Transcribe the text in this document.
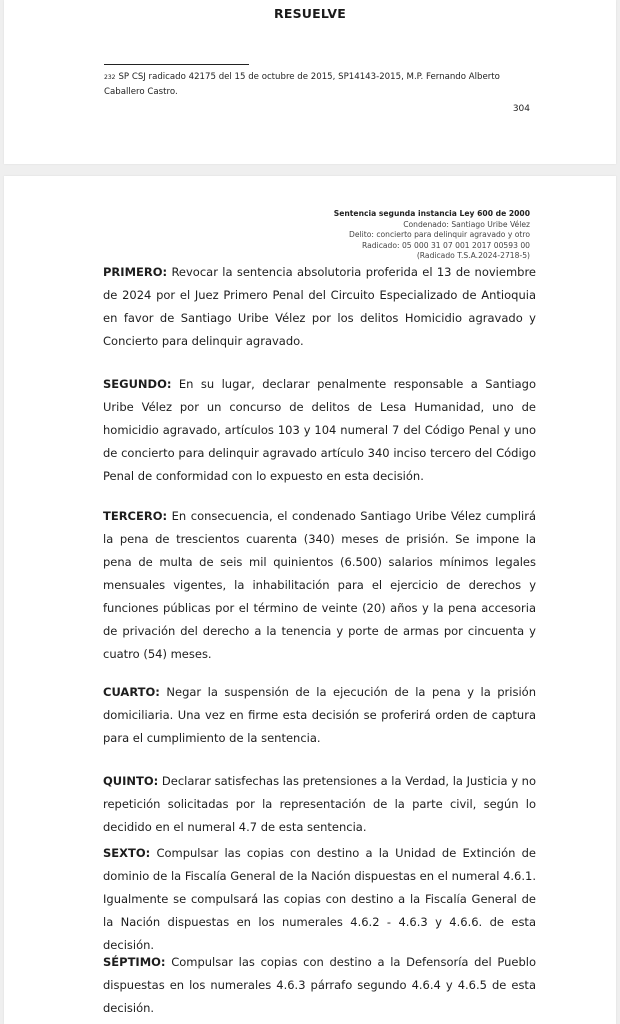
RESUELVE
$^{232}$ SP CSJ radicado 42175 del 15 de octubre de 2015, SP14143-2015, M.P. Fernando Alberto Caballero Castro.
304
Sentencia segunda instancia Ley 600 de 2000
Condenado: Santiago Uribe Vélez
Delito: concierto para delinquir agravado y otro
Radicado: 05 000 31 07 001 2017 00593 00
(Radicado T.S.A.2024-2718-5)

PRIMERO: Revocar la sentencia absolutoria proferida el 13 de noviembre de 2024 por el Juez Primero Penal del Circuito Especializado de Antioquia en favor de Santiago Uribe Vélez por los delitos Homicidio agravado y Concierto para delinquir agravado.

SEGUNDO: En su lugar, declarar penalmente responsable a Santiago Uribe Vélez por un concurso de delitos de Lesa Humanidad, uno de homicidio agravado, artículos 103 y 104 numeral 7 del Código Penal y uno de concierto para delinquir agravado artículo 340 inciso tercero del Código Penal de conformidad con lo expuesto en esta decisión.

TERCERO: En consecuencia, el condenado Santiago Uribe Vélez cumplirá la pena de trescientos cuarenta (340) meses de prisión. Se impone la pena de multa de seis mil quinientos (6.500) salarios mínimos legales mensuales vigentes, la inhabilitación para el ejercicio de derechos y funciones públicas por el término de veinte (20) años y la pena accesoria de privación del derecho a la tenencia y porte de armas por cincuenta y cuatro (54) meses.

CUARTO: Negar la suspensión de la ejecución de la pena y la prisión domiciliaria. Una vez en firme esta decisión se proferirá orden de captura para el cumplimiento de la sentencia.

QUINTO: Declarar satisfechas las pretensiones a la Verdad, la Justicia y no repetición solicitadas por la representación de la parte civil, según lo decidido en el numeral 4.7 de esta sentencia.

SEXTO: Compulsar las copias con destino a la Unidad de Extinción de dominio de la Fiscalía General de la Nación dispuestas en el numeral 4.6.1. Igualmente se compulsará las copias con destino a la Fiscalía General de la Nación dispuestas en los numerales 4.6.2 - 4.6.3 y 4.6.6. de esta decisión.

SÉPTIMO: Compulsar las copias con destino a la Defensoría del Pueblo dispuestas en los numerales 4.6.3 párrafo segundo 4.6.4 y 4.6.5 de esta decisión.
